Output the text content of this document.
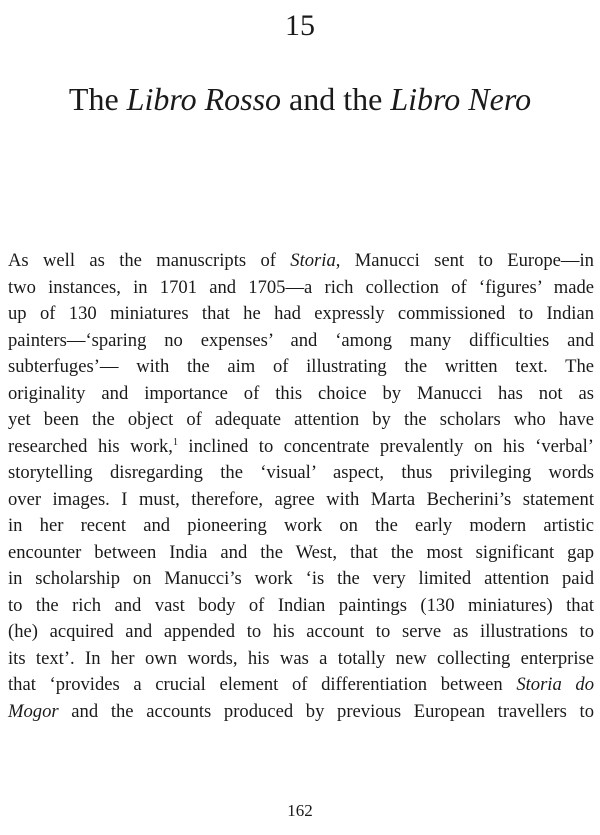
15
The Libro Rosso and the Libro Nero
As well as the manuscripts of Storia, Manucci sent to Europe—in
two instances, in 1701 and 1705—a rich collection of ‘figures’ made
up of 130 miniatures that he had expressly commissioned to Indian
painters—‘sparing no expenses’ and ‘among many difficulties and
subterfuges’— with the aim of illustrating the written text. The
originality and importance of this choice by Manucci has not as
yet been the object of adequate attention by the scholars who have
researched his work,$^1$ inclined to concentrate prevalently on his ‘verbal’
storytelling disregarding the ‘visual’ aspect, thus privileging words
over images. I must, therefore, agree with Marta Becherini’s statement
in her recent and pioneering work on the early modern artistic
encounter between India and the West, that the most significant gap
in scholarship on Manucci’s work ‘is the very limited attention paid
to the rich and vast body of Indian paintings (130 miniatures) that
(he) acquired and appended to his account to serve as illustrations to
its text’. In her own words, his was a totally new collecting enterprise
that ‘provides a crucial element of differentiation between Storia do
Mogor and the accounts produced by previous European travellers to
162
